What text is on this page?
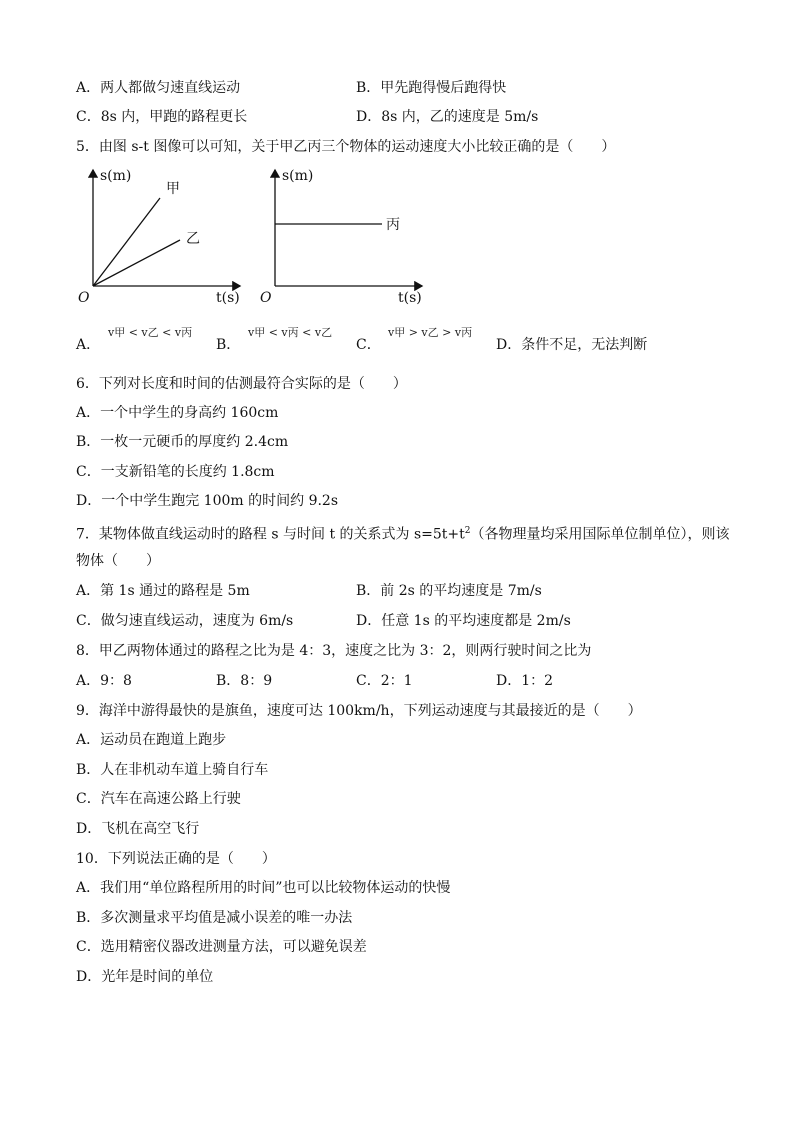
A．两人都做匀速直线运动	B．甲先跑得慢后跑得快
C．8s 内，甲跑的路程更长	D．8s 内，乙的速度是 5m/s
5．由图 s-t 图像可以可知，关于甲乙丙三个物体的运动速度大小比较正确的是（　　）
s(m)
甲
乙
O	t(s)
s(m)
丙
O	t(s)
A．
v甲 < v乙 < v丙
B．
v甲 < v丙 < v乙
C．
v甲 > v乙 > v丙
D．条件不足，无法判断
6．下列对长度和时间的估测最符合实际的是（　　）
A．一个中学生的身高约 160cm
B．一枚一元硬币的厚度约 2.4cm
C．一支新铅笔的长度约 1.8cm
D．一个中学生跑完 100m 的时间约 9.2s
7．某物体做直线运动时的路程 s 与时间 t 的关系式为 $s=5t+t^2$（各物理量均采用国际单位制单位），则该
物体（　　）
A．第 1s 通过的路程是 5m	B．前 2s 的平均速度是 7m/s
C．做匀速直线运动，速度为 6m/s	D．任意 1s 的平均速度都是 2m/s
8．甲乙两物体通过的路程之比为是 4：3，速度之比为 3：2，则两行驶时间之比为
A．9：8	B．8：9	C．2：1	D．1：2
9．海洋中游得最快的是旗鱼，速度可达 100km/h，下列运动速度与其最接近的是（　　）
A．运动员在跑道上跑步
B．人在非机动车道上骑自行车
C．汽车在高速公路上行驶
D．飞机在高空飞行
10．下列说法正确的是（　　）
A．我们用“单位路程所用的时间”也可以比较物体运动的快慢
B．多次测量求平均值是减小误差的唯一办法
C．选用精密仪器改进测量方法，可以避免误差
D．光年是时间的单位
